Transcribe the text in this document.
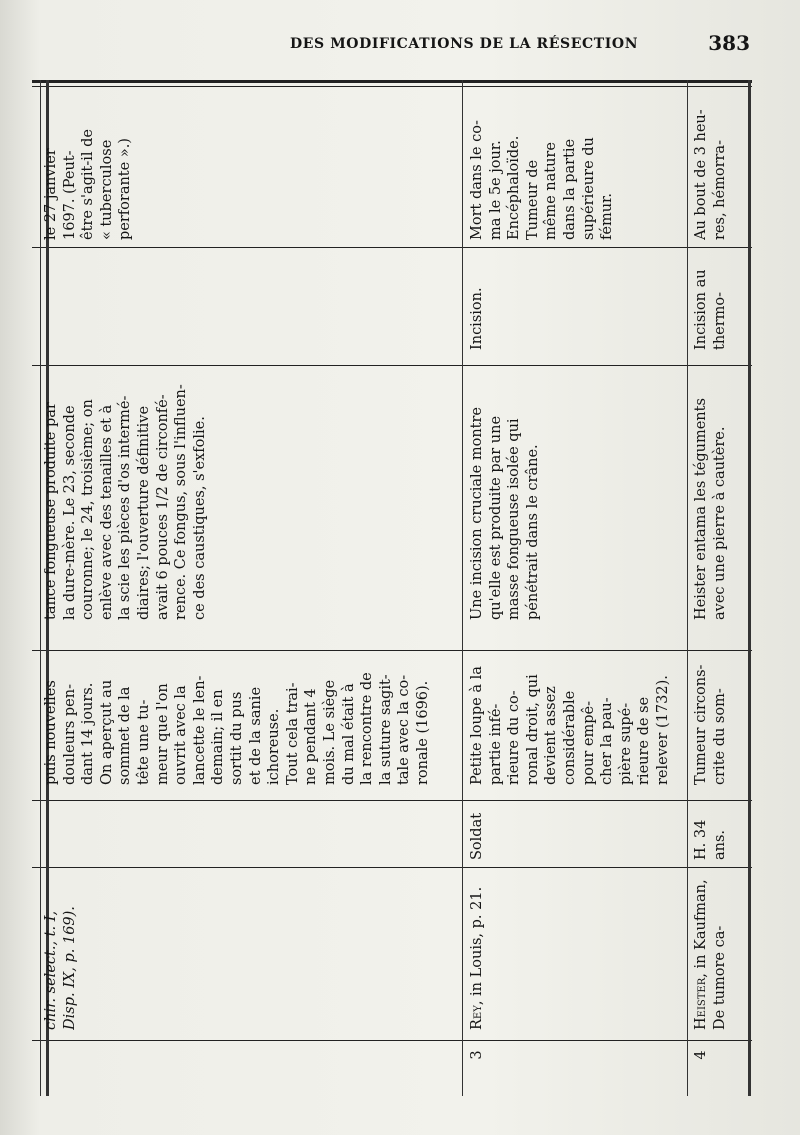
DES MODIFICATIONS DE LA RÉSECTION	383
chir. select., t. I,
Disp. IX, p. 169).
puis nouvelles
douleurs pen-
dant 14 jours.
On aperçut au
sommet de la
tête une tu-
meur que l'on
ouvrit avec la
lancette le len-
demain; il en
sortit du pus
et de la sanie
ichoreuse.
Tout cela trai-
ne pendant 4
mois. Le siège
du mal était à
la rencontre de
la suture sagit-
tale avec la co-
ronale (1696).
tance fongueuse produite par
la dure-mère. Le 23, seconde
couronne; le 24, troisième; on
enlève avec des tenailles et à
la scie les pièces d'os intermé-
diaires; l'ouverture définitive
avait 6 pouces 1/2 de circonfé-
rence. Ce fongus, sous l'influen-
ce des caustiques, s'exfolie.
le 27 janvier
1697. (Peut-
être s'agit-il de
« tuberculose
perforante ».)
3
Rey, in Louis, p. 21.
Soldat
Petite loupe à la
partie infé-
rieure du co-
ronal droit, qui
devient assez
considérable
pour empê-
cher la pau-
pière supé-
rieure de se
relever (1732).
Une incision cruciale montre
qu'elle est produite par une
masse fongueuse isolée qui
pénétrait dans le crâne.
Incision.
Mort dans le co-
ma le 5e jour.
Encéphaloïde.
Tumeur de
même nature
dans la partie
supérieure du
fémur.
4
Heister, in Kaufman,
De tumore ca-
H. 34
ans.
Tumeur circons-
crite du som-
Heister entama les téguments
avec une pierre à cautère.
Incision au
thermo-
Au bout de 3 heu-
res, hémorra-
